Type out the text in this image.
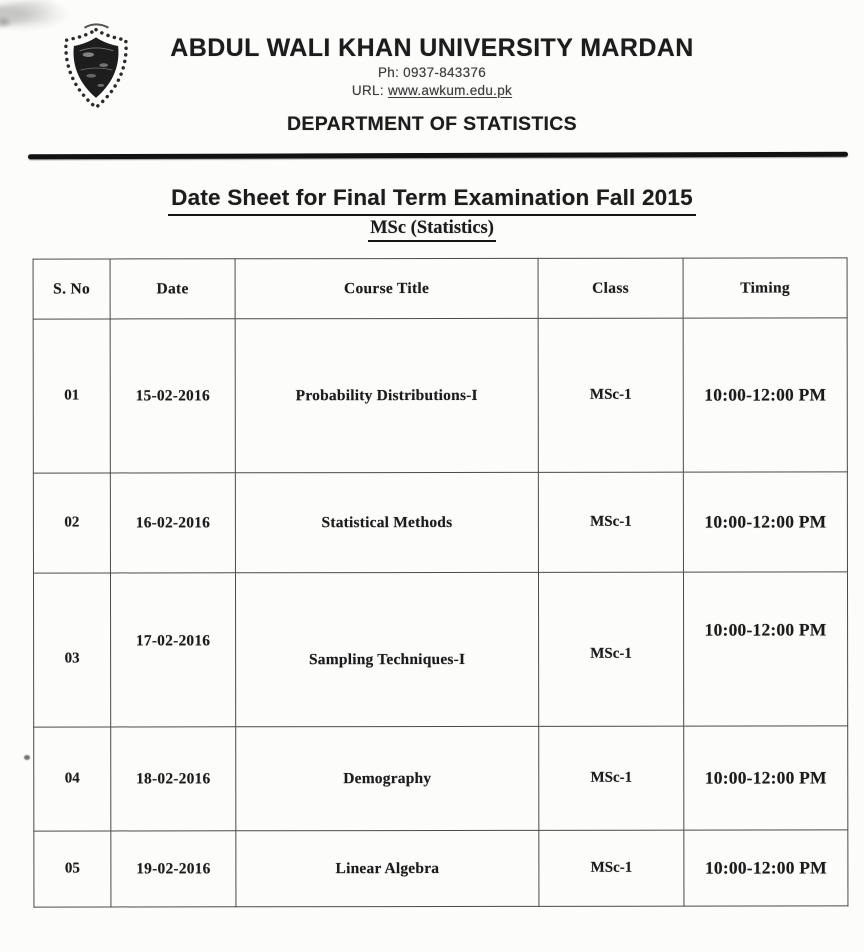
ABDUL WALI KHAN UNIVERSITY MARDAN
Ph: 0937-843376
URL: www.awkum.edu.pk
DEPARTMENT OF STATISTICS
Date Sheet for Final Term Examination Fall 2015
MSc (Statistics)
S. No	Date	Course Title	Class	Timing
01	15-02-2016	Probability Distributions-I	MSc-1	10:00-12:00 PM
02	16-02-2016	Statistical Methods	MSc-1	10:00-12:00 PM
03	17-02-2016	Sampling Techniques-I	MSc-1	10:00-12:00 PM
04	18-02-2016	Demography	MSc-1	10:00-12:00 PM
05	19-02-2016	Linear Algebra	MSc-1	10:00-12:00 PM
